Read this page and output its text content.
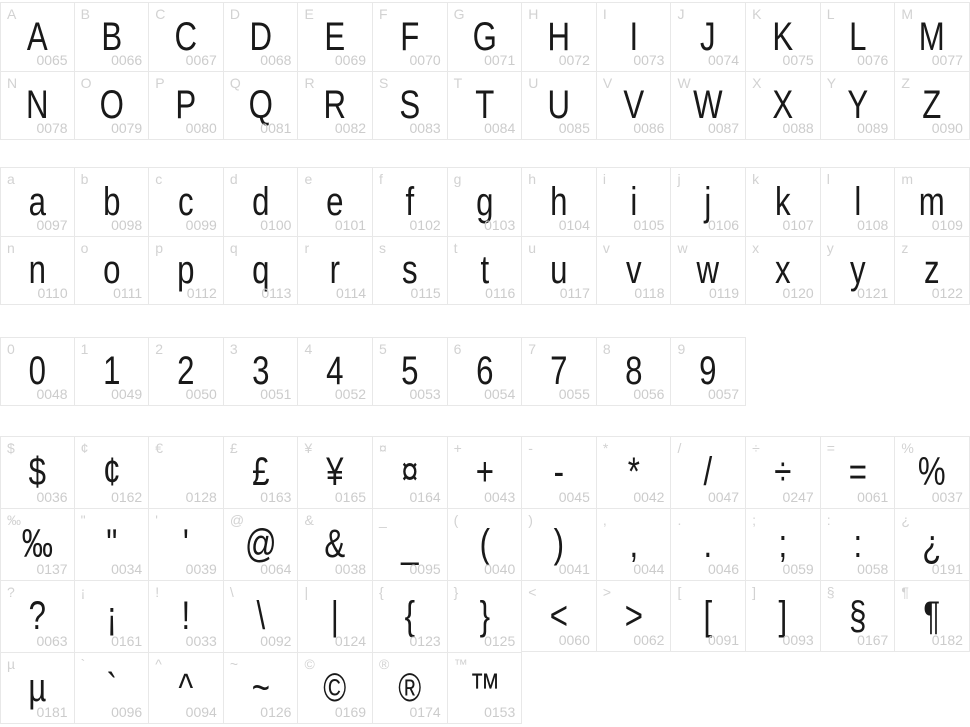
A
A
0065
B
B
0066
C
C
0067
D
D
0068
E
E
0069
F
F
0070
G
G
0071
H
H
0072
I
I
0073
J
J
0074
K
K
0075
L
L
0076
M
M
0077
N N
0078
O O
0079
P P
0080
Q Q
0081
R R
0082
S S
0083
T T
0084
U U
0085
V V
0086
W W
0087
X X
0088
Y Y
0089
Z Z
0090
a
a
0097
b
b
0098
c
c
0099
d
d
0100
e
e
0101
f
f
0102
g
g
0103
h
h
0104
i
i
0105
j
j
0106
k
k
0107
l
l
0108
m
m
0109
n n
0110
o o
0111
p p
0112
q q
0113
r r
0114
s s
0115
t t
0116
u u
0117
v v
0118
w w
0119
x x
0120
y y
0121
z z
0122
0 0
0048
1 1
0049
2 2
0050
3 3
0051
4 4
0052
5 5
0053
6 6
0054
7 7
0055
8 8
0056
9 9
0057
$
$
0036
¢
¢
0162
€
0128
£
£
0163
¥
¥
0165
¤
¤
0164
+
+
0043
-
-
0045
*
*
0042
/
/
0047
÷
÷
0247
=
=
0061
%
%
0037
‰
‰
0137
"
"
0034
'
'
0039
@
@
0064
&
&
0038
_
_
0095
(
(
0040
)
)
0041
,
,
0044
.
.
0046
;
;
0059
:
:
0058
¿
¿
0191
?
?
0063
¡
¡
0161
!
!
0033
\
\
0092
|
|
0124
{
{
0123
}
}
0125
<
<
0060
>
>
0062
[
[
0091
]
]
0093
§
§
0167
¶
¶
0182
µ
µ
0181
`
`
0096
^
^
0094
~
~
0126
©
©
0169
®
®
0174
™
™
0153
